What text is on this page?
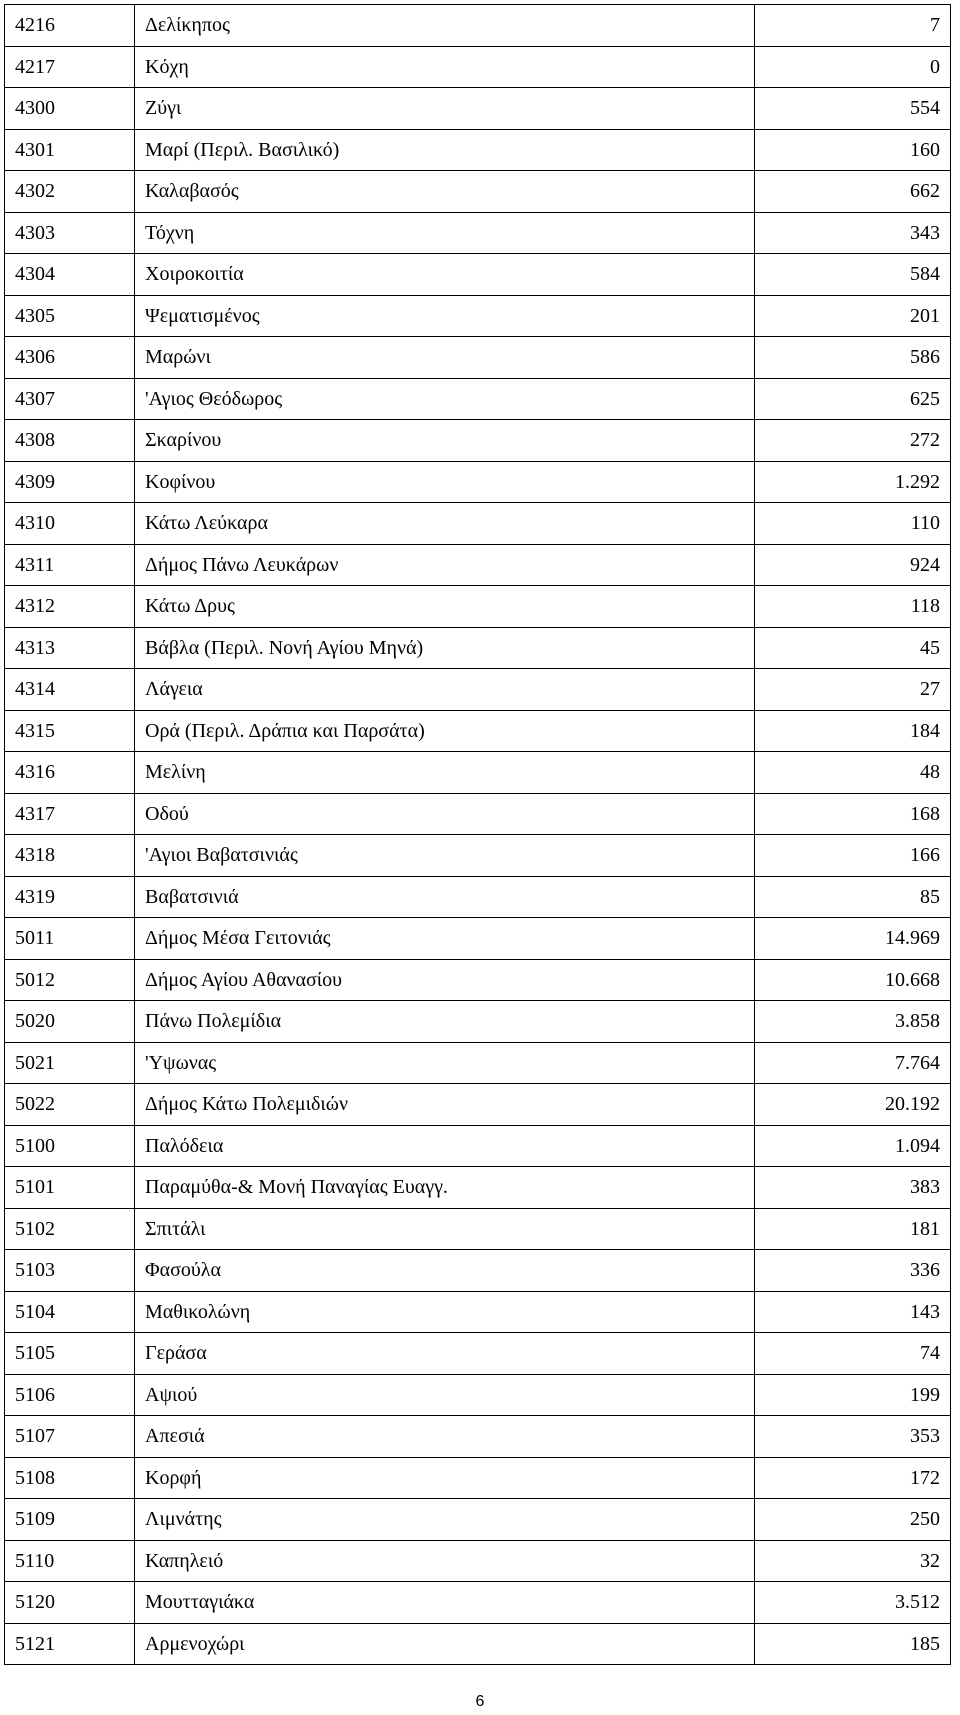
4216	Δελίκηπος	7
4217	Κόχη	0
4300	Ζύγι	554
4301	Μαρί (Περιλ. Βασιλικό)	160
4302	Καλαβασός	662
4303	Τόχνη	343
4304	Χοιροκοιτία	584
4305	Ψεματισμένος	201
4306	Μαρώνι	586
4307	'Αγιος Θεόδωρος	625
4308	Σκαρίνου	272
4309	Κοφίνου	1.292
4310	Κάτω Λεύκαρα	110
4311	Δήμος Πάνω Λευκάρων	924
4312	Κάτω Δρυς	118
4313	Βάβλα (Περιλ. Νονή Αγίου Μηνά)	45
4314	Λάγεια	27
4315	Ορά (Περιλ. Δράπια και Παρσάτα)	184
4316	Μελίνη	48
4317	Οδού	168
4318	'Αγιοι Βαβατσινιάς	166
4319	Βαβατσινιά	85
5011	Δήμος Μέσα Γειτονιάς	14.969
5012	Δήμος Αγίου Αθανασίου	10.668
5020	Πάνω Πολεμίδια	3.858
5021	'Υψωνας	7.764
5022	Δήμος Κάτω Πολεμιδιών	20.192
5100	Παλόδεια	1.094
5101	Παραμύθα-& Μονή Παναγίας Ευαγγ.	383
5102	Σπιτάλι	181
5103	Φασούλα	336
5104	Μαθικολώνη	143
5105	Γεράσα	74
5106	Αψιού	199
5107	Απεσιά	353
5108	Κορφή	172
5109	Λιμνάτης	250
5110	Καπηλειό	32
5120	Μουτταγιάκα	3.512
5121	Αρμενοχώρι	185
6
